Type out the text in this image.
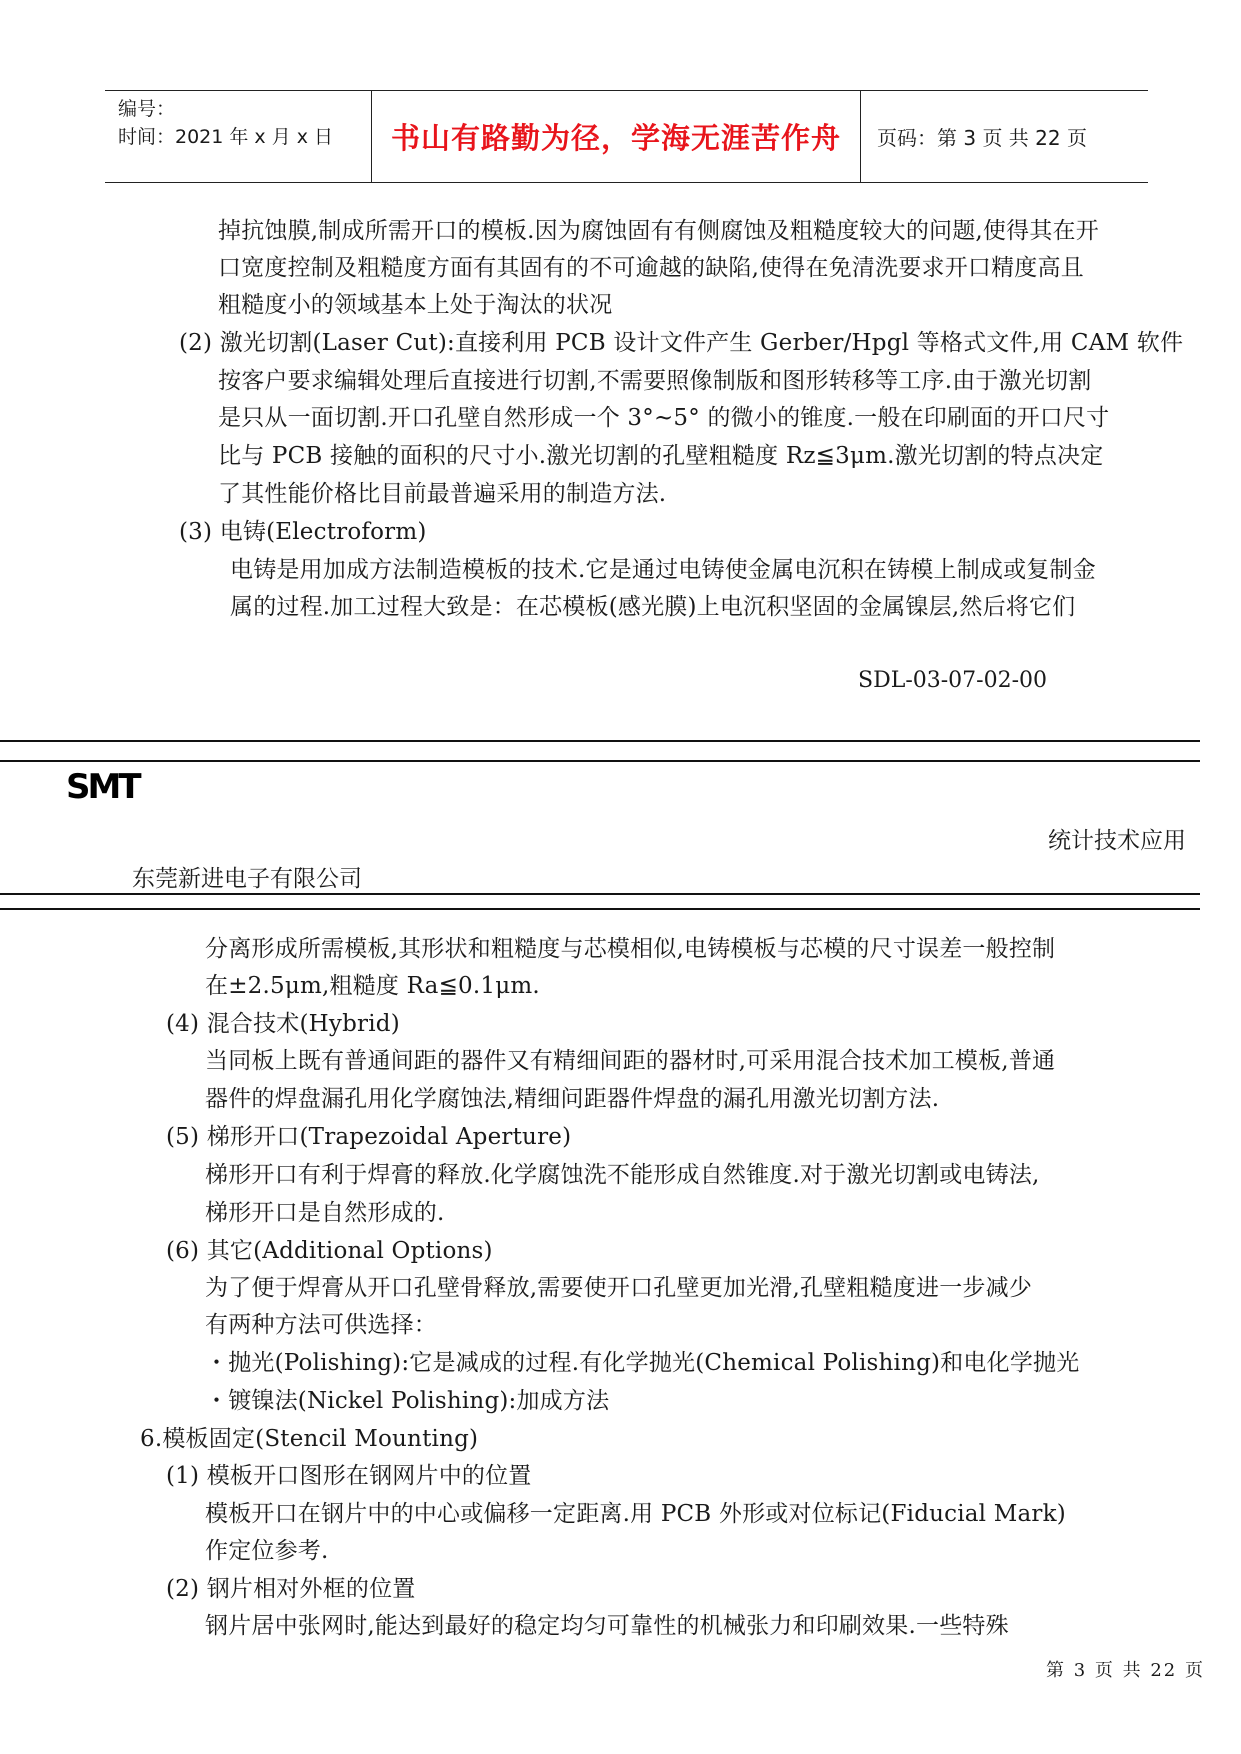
编号：
时间：2021 年 x 月 x 日	书山有路勤为径，学海无涯苦作舟	页码：第 3 页 共 22 页
掉抗蚀膜,制成所需开口的模板.因为腐蚀固有有侧腐蚀及粗糙度较大的问题,使得其在开
口宽度控制及粗糙度方面有其固有的不可逾越的缺陷,使得在免清洗要求开口精度高且
粗糙度小的领域基本上处于淘汰的状况
(2) 激光切割(Laser Cut):直接利用 PCB 设计文件产生 Gerber/Hpgl 等格式文件,用 CAM 软件
按客户要求编辑处理后直接进行切割,不需要照像制版和图形转移等工序.由于激光切割
是只从一面切割.开口孔壁自然形成一个 3°~5° 的微小的锥度.一般在印刷面的开口尺寸
比与 PCB 接触的面积的尺寸小.激光切割的孔壁粗糙度 Rz≦3μm.激光切割的特点决定
了其性能价格比目前最普遍采用的制造方法.
(3) 电铸(Electroform)
电铸是用加成方法制造模板的技术.它是通过电铸使金属电沉积在铸模上制成或复制金
属的过程.加工过程大致是：在芯模板(感光膜)上电沉积坚固的金属镍层,然后将它们
SDL-03-07-02-00
SMT
统计技术应用
东莞新进电子有限公司
分离形成所需模板,其形状和粗糙度与芯模相似,电铸模板与芯模的尺寸误差一般控制
在±2.5μm,粗糙度 Ra≦0.1μm.
(4) 混合技术(Hybrid)
当同板上既有普通间距的器件又有精细间距的器材时,可采用混合技术加工模板,普通
器件的焊盘漏孔用化学腐蚀法,精细问距器件焊盘的漏孔用激光切割方法.
(5) 梯形开口(Trapezoidal Aperture)
梯形开口有利于焊膏的释放.化学腐蚀洗不能形成自然锥度.对于激光切割或电铸法,
梯形开口是自然形成的.
(6) 其它(Additional Options)
为了便于焊膏从开口孔壁骨释放,需要使开口孔壁更加光滑,孔壁粗糙度进一步减少
有两种方法可供选择：
・抛光(Polishing):它是减成的过程.有化学抛光(Chemical Polishing)和电化学抛光
・镀镍法(Nickel Polishing):加成方法
6.模板固定(Stencil Mounting)
(1) 模板开口图形在钢网片中的位置
模板开口在钢片中的中心或偏移一定距离.用 PCB 外形或对位标记(Fiducial Mark)
作定位参考.
(2) 钢片相对外框的位置
钢片居中张网时,能达到最好的稳定均匀可靠性的机械张力和印刷效果.一些特殊
第 3 页 共 22 页
